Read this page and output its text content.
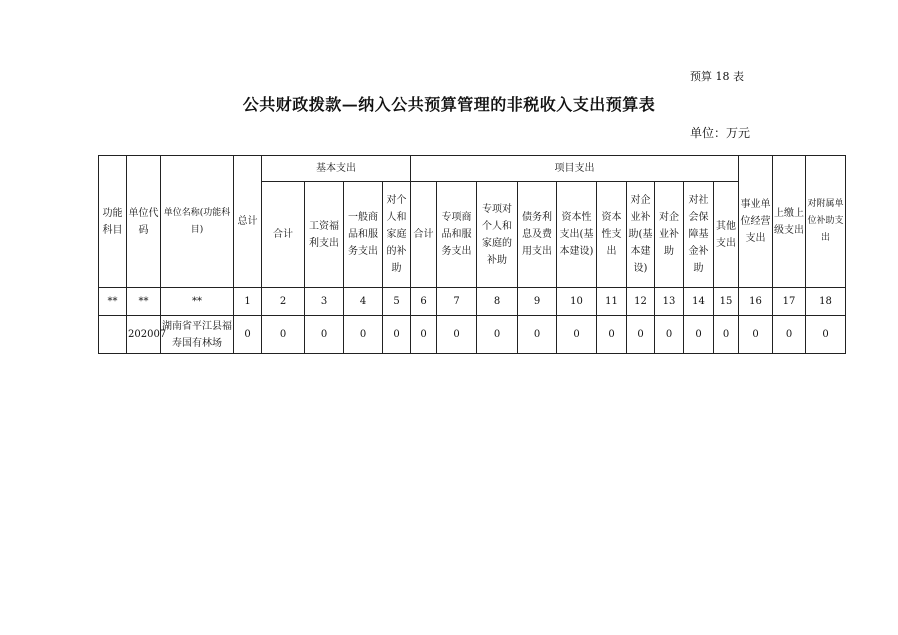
预算 18 表
公共财政拨款—纳入公共预算管理的非税收入支出预算表
单位：万元
功能科目	单位代码	单位名称(功能科目)	总计	基本支出				项目支出										事业单位经营支出	上缴上级支出	对附属单位补助支出
				合计	工资福利支出	一般商品和服务支出	对个人和家庭的补助	合计	专项商品和服务支出	专项对个人和家庭的补助	债务利息及费用支出	资本性支出(基本建设)	资本性支出	对企业补助(基本建设)	对企业补助	对社会保障基金补助	其他支出			
**	**	**	1	2	3	4	5	6	7	8	9	10	11	12	13	14	15	16	17	18
	202007	湖南省平江县福寿国有林场	0	0	0	0	0	0	0	0	0	0	0	0	0	0	0	0	0	0
